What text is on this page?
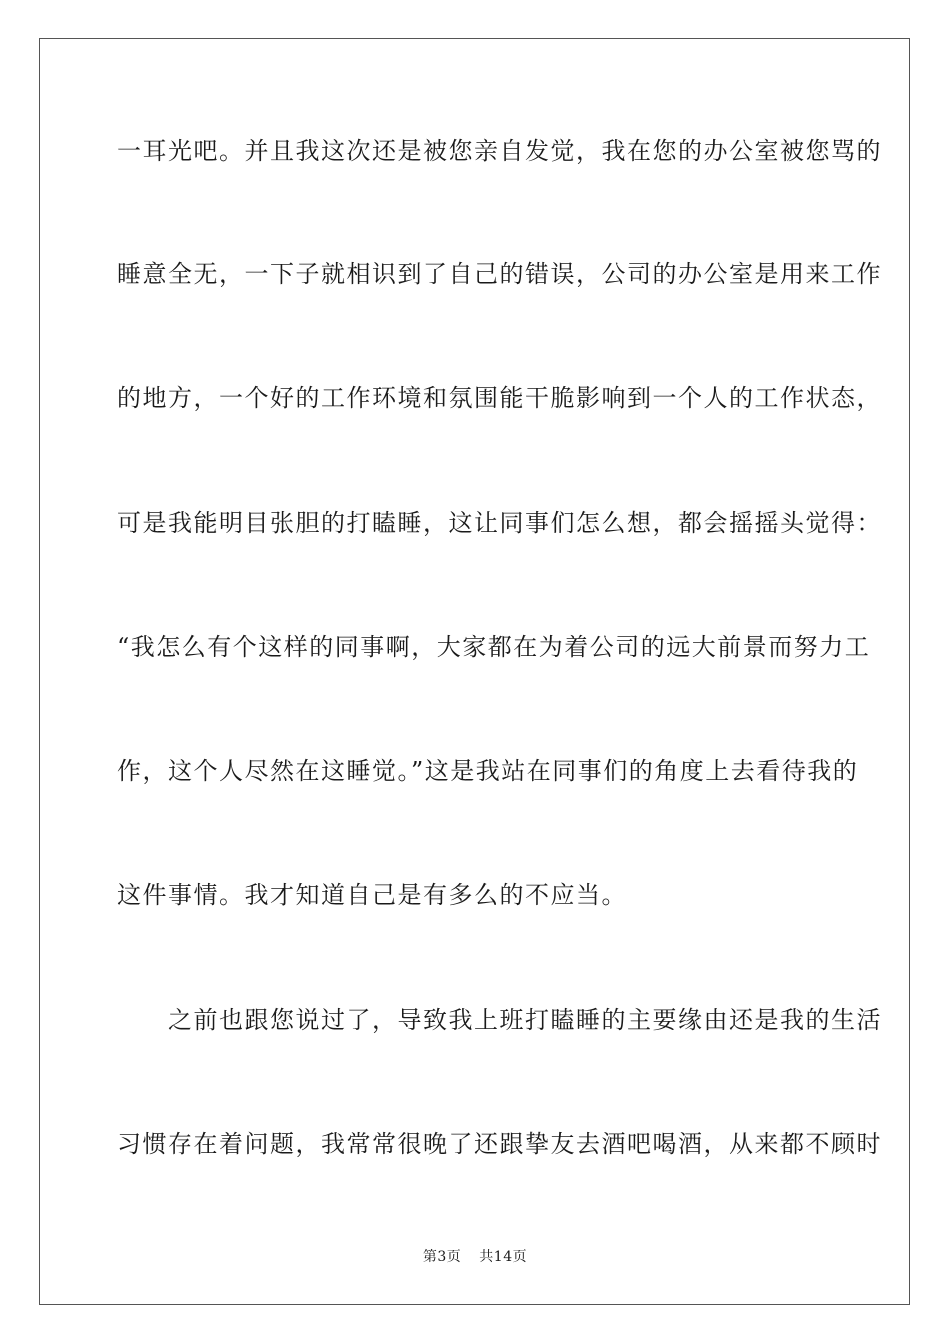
一耳光吧。并且我这次还是被您亲自发觉，我在您的办公室被您骂的
睡意全无，一下子就相识到了自己的错误，公司的办公室是用来工作
的地方，一个好的工作环境和氛围能干脆影响到一个人的工作状态，
可是我能明目张胆的打瞌睡，这让同事们怎么想，都会摇摇头觉得：
“我怎么有个这样的同事啊，大家都在为着公司的远大前景而努力工
作，这个人尽然在这睡觉。”这是我站在同事们的角度上去看待我的
这件事情。我才知道自己是有多么的不应当。
　　之前也跟您说过了，导致我上班打瞌睡的主要缘由还是我的生活
习惯存在着问题，我常常很晚了还跟挚友去酒吧喝酒，从来都不顾时
第3页 共14页
